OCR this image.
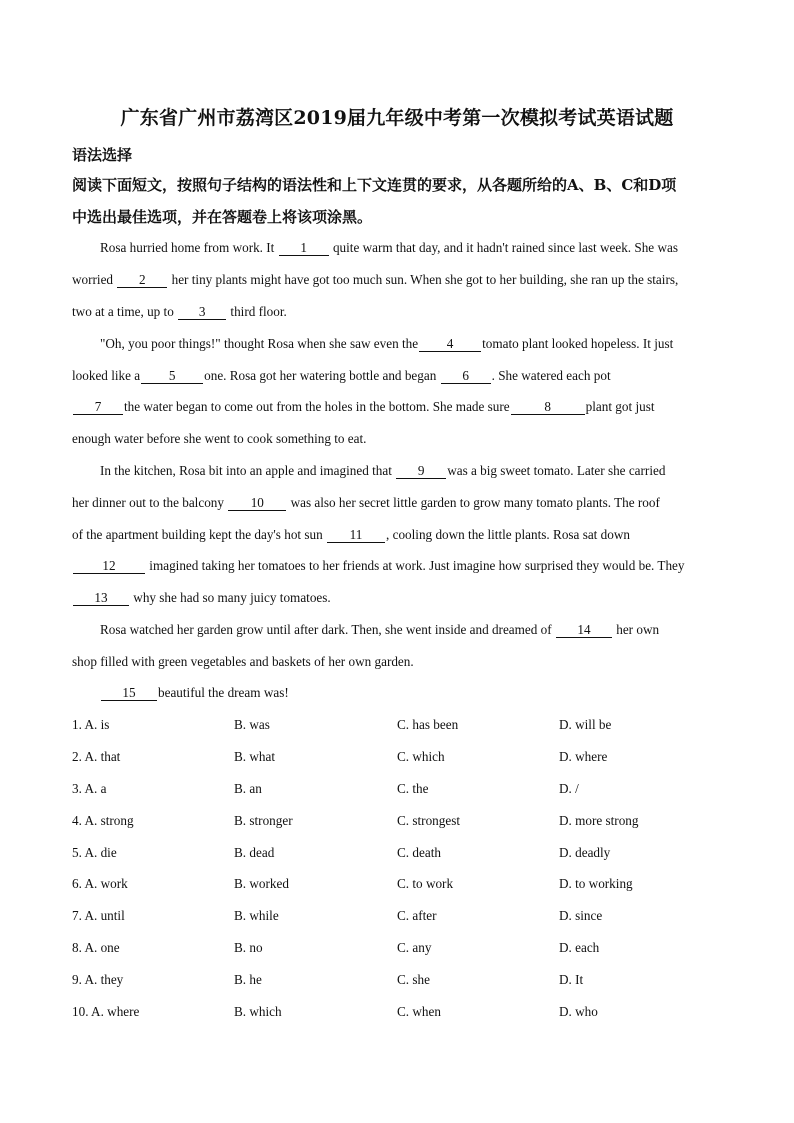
广东省广州市荔湾区2019届九年级中考第一次模拟考试英语试题
语法选择
阅读下面短文，按照句子结构的语法性和上下文连贯的要求，从各题所给的A、B、C和D项
中选出最佳选项，并在答题卷上将该项涂黑。
Rosa hurried home from work. It 1 quite warm that day, and it hadn't rained since last week. She was
worried 2 her tiny plants might have got too much sun. When she got to her building, she ran up the stairs,
two at a time, up to 3 third floor.
"Oh, you poor things!" thought Rosa when she saw even the 4 tomato plant looked hopeless. It just
looked like a 5 one. Rosa got her watering bottle and began 6 . She watered each pot
7 the water began to come out from the holes in the bottom. She made sure	8	plant got just
enough water before she went to cook something to eat.
In the kitchen, Rosa bit into an apple and imagined that 9 was a big sweet tomato. Later she carried
her dinner out to the balcony 10 was also her secret little garden to grow many tomato plants. The roof
of the apartment building kept the day's hot sun 11 , cooling down the little plants. Rosa sat down
12 imagined taking her tomatoes to her friends at work. Just imagine how surprised they would be. They
13 why she had so many juicy tomatoes.
Rosa watched her garden grow until after dark. Then, she went inside and dreamed of 14 her own
shop filled with green vegetables and baskets of her own garden.
15 beautiful the dream was!
1. A. is	B. was	C. has been	D. will be
2. A. that	B. what	C. which	D. where
3. A. a	B. an	C. the	D. /
4. A. strong	B. stronger	C. strongest	D. more strong
5. A. die	B. dead	C. death	D. deadly
6. A. work	B. worked	C. to work	D. to working
7. A. until	B. while	C. after	D. since
8. A. one	B. no	C. any	D. each
9. A. they	B. he	C. she	D. It
10. A. where	B. which	C. when	D. who
